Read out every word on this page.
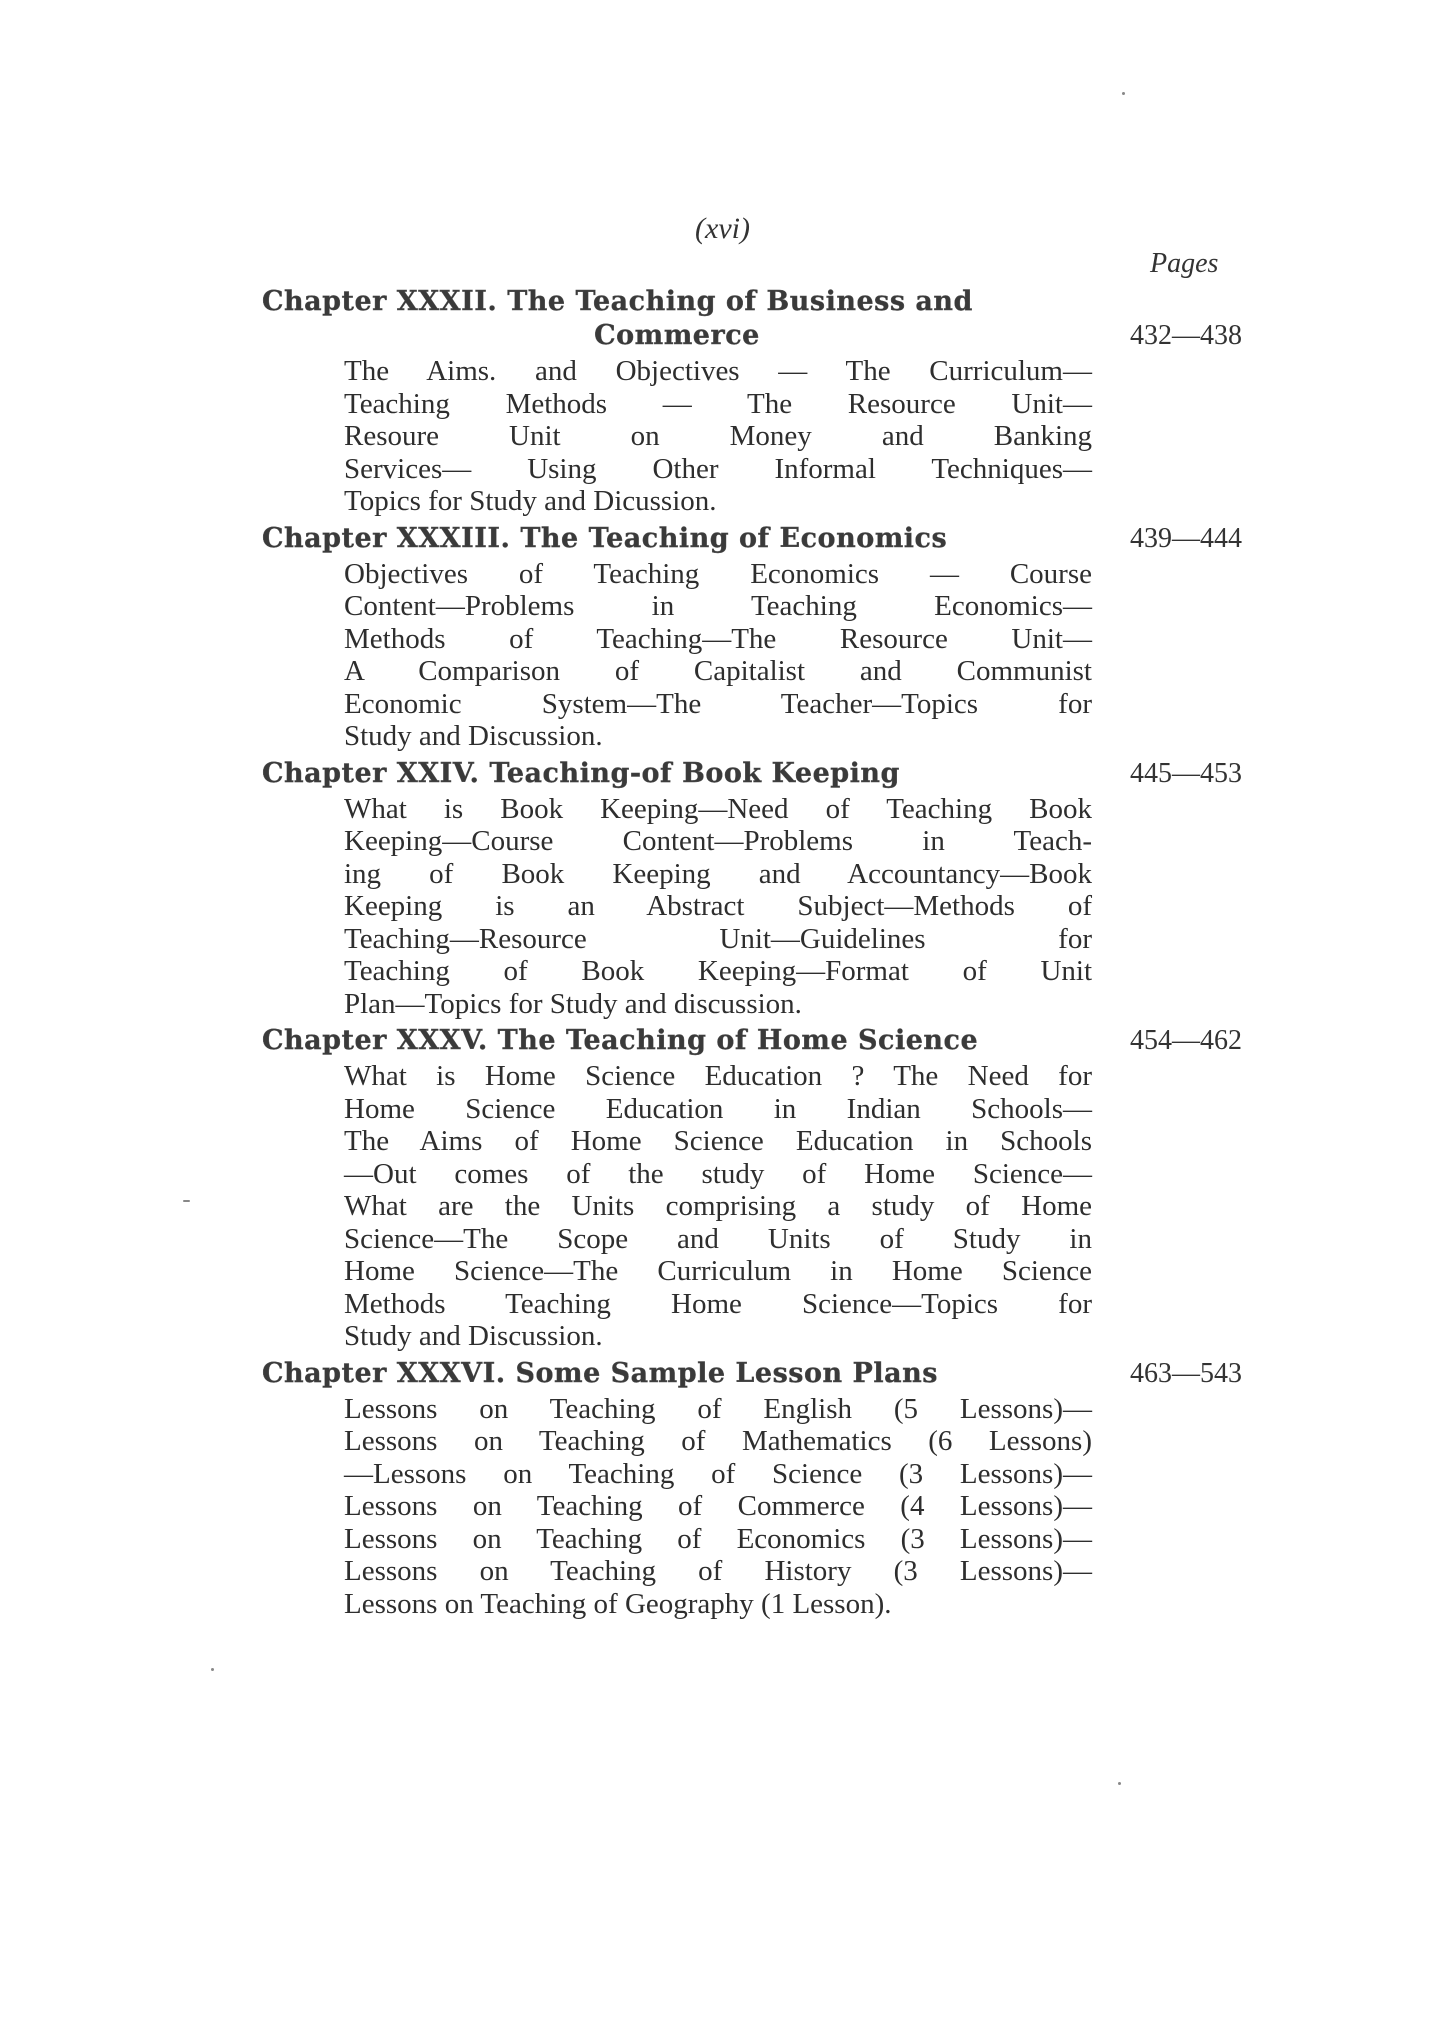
(xvi)
Pages
Chapter XXXII. The Teaching of Business and
Commerce	432—438
The Aims. and Objectives — The Curriculum—
Teaching Methods — The Resource Unit—
Resoure Unit on Money and Banking
Services— Using Other Informal Techniques—
Topics for Study and Dicussion.
Chapter XXXIII. The Teaching of Economics	439—444
Objectives of Teaching Economics — Course
Content—Problems in Teaching Economics—
Methods of Teaching—The Resource Unit—
A Comparison of Capitalist and Communist
Economic System—The Teacher—Topics for
Study and Discussion.
Chapter XXIV. Teaching-of Book Keeping	445—453
What is Book Keeping—Need of Teaching Book
Keeping—Course Content—Problems in Teach-
ing of Book Keeping and Accountancy—Book
Keeping is an Abstract Subject—Methods of
Teaching—Resource Unit—Guidelines for
Teaching of Book Keeping—Format of Unit
Plan—Topics for Study and discussion.
Chapter XXXV. The Teaching of Home Science	454—462
What is Home Science Education ? The Need for
Home Science Education in Indian Schools—
The Aims of Home Science Education in Schools
—Out comes of the study of Home Science—
What are the Units comprising a study of Home
Science—The Scope and Units of Study in
Home Science—The Curriculum in Home Science
Methods Teaching Home Science—Topics for
Study and Discussion.
Chapter XXXVI. Some Sample Lesson Plans	463—543
Lessons on Teaching of English (5 Lessons)—
Lessons on Teaching of Mathematics (6 Lessons)
—Lessons on Teaching of Science (3 Lessons)—
Lessons on Teaching of Commerce (4 Lessons)—
Lessons on Teaching of Economics (3 Lessons)—
Lessons on Teaching of History (3 Lessons)—
Lessons on Teaching of Geography (1 Lesson).
